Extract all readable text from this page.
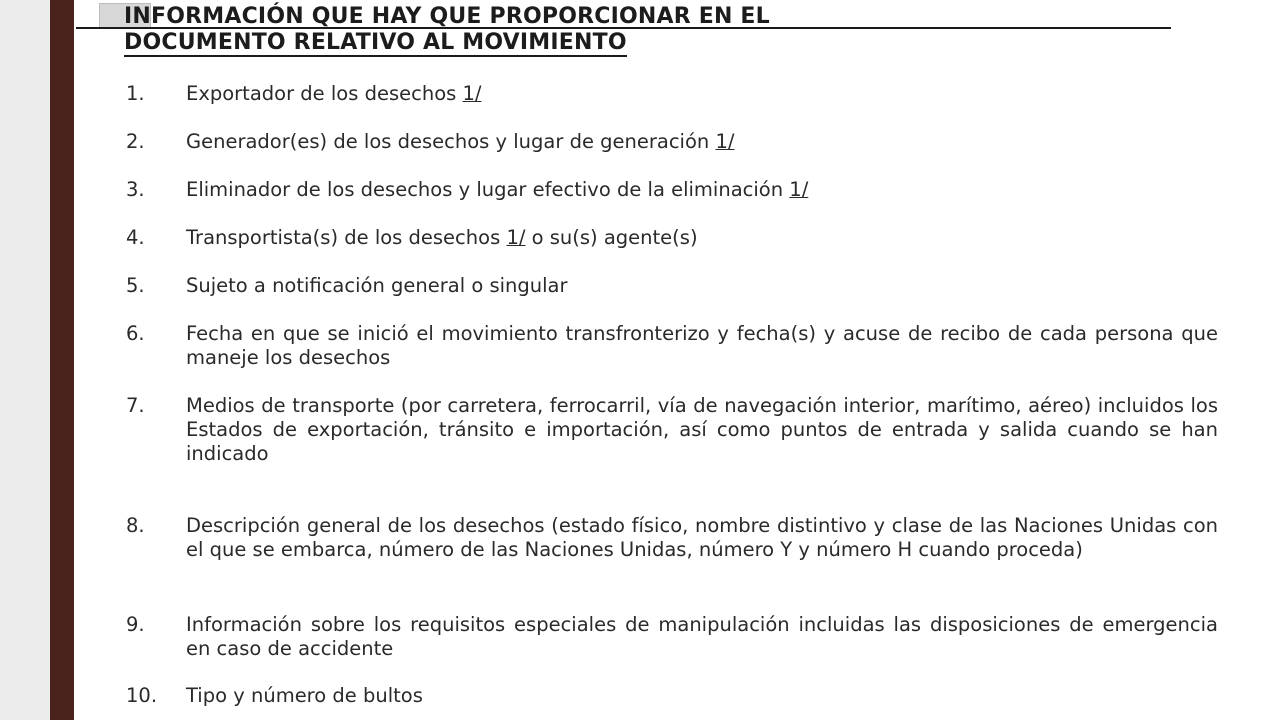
INFORMACIÓN QUE HAY QUE PROPORCIONAR EN EL
DOCUMENTO RELATIVO AL MOVIMIENTO
1.	Exportador de los desechos 1/
2.	Generador(es) de los desechos y lugar de generación 1/
3.	Eliminador de los desechos y lugar efectivo de la eliminación 1/
4.	Transportista(s) de los desechos 1/ o su(s) agente(s)
5.	Sujeto a notificación general o singular
6.	Fecha en que se inició el movimiento transfronterizo y fecha(s) y acuse de recibo de cada persona que maneje los desechos
7.	Medios de transporte (por carretera, ferrocarril, vía de navegación interior, marítimo, aéreo) incluidos los Estados de exportación, tránsito e importación, así como puntos de entrada y salida cuando se han indicado
8.	Descripción general de los desechos (estado físico, nombre distintivo y clase de las Naciones Unidas con el que se embarca, número de las Naciones Unidas, número Y y número H cuando proceda)
9.	Información sobre los requisitos especiales de manipulación incluidas las disposiciones de emergencia en caso de accidente
10.	Tipo y número de bultos
